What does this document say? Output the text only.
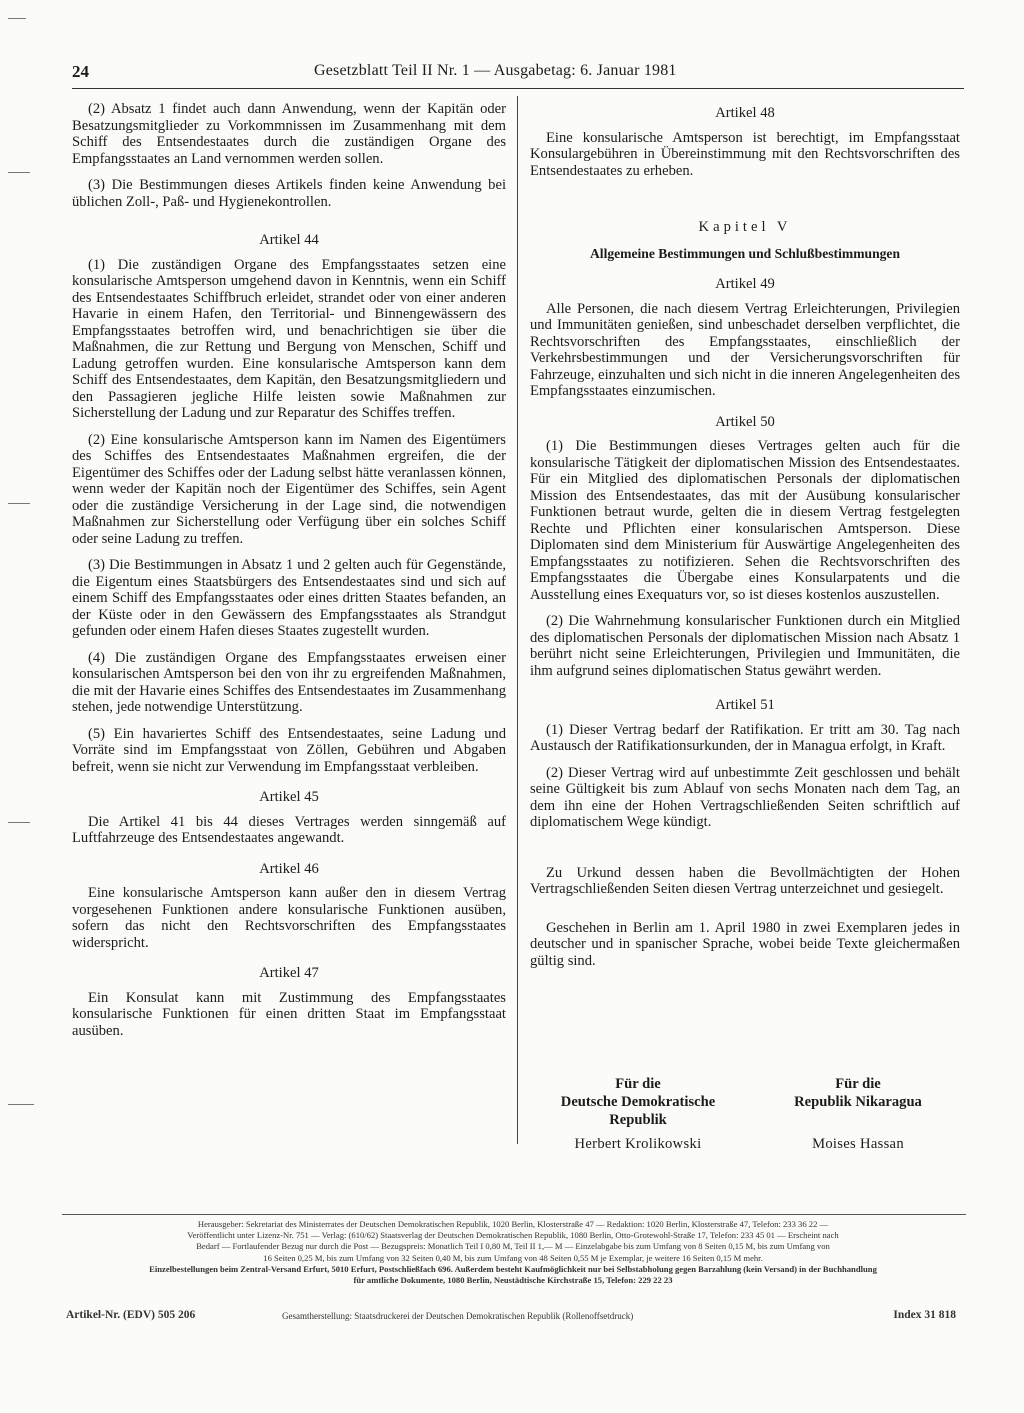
24	Gesetzblatt Teil II Nr. 1 — Ausgabetag: 6. Januar 1981

(2) Absatz 1 findet auch dann Anwendung, wenn der Kapitän oder Besatzungsmitglieder zu Vorkommnissen im Zusammenhang mit dem Schiff des Entsendestaates durch die zuständigen Organe des Empfangsstaates an Land vernommen werden sollen.

(3) Die Bestimmungen dieses Artikels finden keine Anwendung bei üblichen Zoll-, Paß- und Hygienekontrollen.

Artikel 44

(1) Die zuständigen Organe des Empfangsstaates setzen eine konsularische Amtsperson umgehend davon in Kenntnis, wenn ein Schiff des Entsendestaates Schiffbruch erleidet, strandet oder von einer anderen Havarie in einem Hafen, den Territorial- und Binnengewässern des Empfangsstaates betroffen wird, und benachrichtigen sie über die Maßnahmen, die zur Rettung und Bergung von Menschen, Schiff und Ladung getroffen wurden. Eine konsularische Amtsperson kann dem Schiff des Entsendestaates, dem Kapitän, den Besatzungsmitgliedern und den Passagieren jegliche Hilfe leisten sowie Maßnahmen zur Sicherstellung der Ladung und zur Reparatur des Schiffes treffen.

(2) Eine konsularische Amtsperson kann im Namen des Eigentümers des Schiffes des Entsendestaates Maßnahmen ergreifen, die der Eigentümer des Schiffes oder der Ladung selbst hätte veranlassen können, wenn weder der Kapitän noch der Eigentümer des Schiffes, sein Agent oder die zuständige Versicherung in der Lage sind, die notwendigen Maßnahmen zur Sicherstellung oder Verfügung über ein solches Schiff oder seine Ladung zu treffen.

(3) Die Bestimmungen in Absatz 1 und 2 gelten auch für Gegenstände, die Eigentum eines Staatsbürgers des Entsendestaates sind und sich auf einem Schiff des Empfangsstaates oder eines dritten Staates befanden, an der Küste oder in den Gewässern des Empfangsstaates als Strandgut gefunden oder einem Hafen dieses Staates zugestellt wurden.

(4) Die zuständigen Organe des Empfangsstaates erweisen einer konsularischen Amtsperson bei den von ihr zu ergreifenden Maßnahmen, die mit der Havarie eines Schiffes des Entsendestaates im Zusammenhang stehen, jede notwendige Unterstützung.

(5) Ein havariertes Schiff des Entsendestaates, seine Ladung und Vorräte sind im Empfangsstaat von Zöllen, Gebühren und Abgaben befreit, wenn sie nicht zur Verwendung im Empfangsstaat verbleiben.

Artikel 45

Die Artikel 41 bis 44 dieses Vertrages werden sinngemäß auf Luftfahrzeuge des Entsendestaates angewandt.

Artikel 46

Eine konsularische Amtsperson kann außer den in diesem Vertrag vorgesehenen Funktionen andere konsularische Funktionen ausüben, sofern das nicht den Rechtsvorschriften des Empfangsstaates widerspricht.

Artikel 47

Ein Konsulat kann mit Zustimmung des Empfangsstaates konsularische Funktionen für einen dritten Staat im Empfangsstaat ausüben.

Artikel 48

Eine konsularische Amtsperson ist berechtigt, im Empfangsstaat Konsulargebühren in Übereinstimmung mit den Rechtsvorschriften des Entsendestaates zu erheben.

Kapitel V
Allgemeine Bestimmungen und Schlußbestimmungen
Artikel 49

Alle Personen, die nach diesem Vertrag Erleichterungen, Privilegien und Immunitäten genießen, sind unbeschadet derselben verpflichtet, die Rechtsvorschriften des Empfangsstaates, einschließlich der Verkehrsbestimmungen und der Versicherungsvorschriften für Fahrzeuge, einzuhalten und sich nicht in die inneren Angelegenheiten des Empfangsstaates einzumischen.

Artikel 50

(1) Die Bestimmungen dieses Vertrages gelten auch für die konsularische Tätigkeit der diplomatischen Mission des Entsendestaates. Für ein Mitglied des diplomatischen Personals der diplomatischen Mission des Entsendestaates, das mit der Ausübung konsularischer Funktionen betraut wurde, gelten die in diesem Vertrag festgelegten Rechte und Pflichten einer konsularischen Amtsperson. Diese Diplomaten sind dem Ministerium für Auswärtige Angelegenheiten des Empfangsstaates zu notifizieren. Sehen die Rechtsvorschriften des Empfangsstaates die Übergabe eines Konsularpatents und die Ausstellung eines Exequaturs vor, so ist dieses kostenlos auszustellen.

(2) Die Wahrnehmung konsularischer Funktionen durch ein Mitglied des diplomatischen Personals der diplomatischen Mission nach Absatz 1 berührt nicht seine Erleichterungen, Privilegien und Immunitäten, die ihm aufgrund seines diplomatischen Status gewährt werden.

Artikel 51

(1) Dieser Vertrag bedarf der Ratifikation. Er tritt am 30. Tag nach Austausch der Ratifikationsurkunden, der in Managua erfolgt, in Kraft.

(2) Dieser Vertrag wird auf unbestimmte Zeit geschlossen und behält seine Gültigkeit bis zum Ablauf von sechs Monaten nach dem Tag, an dem ihn eine der Hohen Vertragschließenden Seiten schriftlich auf diplomatischem Wege kündigt.

Zu Urkund dessen haben die Bevollmächtigten der Hohen Vertragschließenden Seiten diesen Vertrag unterzeichnet und gesiegelt.

Geschehen in Berlin am 1. April 1980 in zwei Exemplaren jedes in deutscher und in spanischer Sprache, wobei beide Texte gleichermaßen gültig sind.

Für die
Deutsche Demokratische
Republik
Herbert Krolikowski
Für die
Republik Nikaragua
Moises Hassan

Herausgeber: Sekretariat des Ministerrates der Deutschen Demokratischen Republik, 1020 Berlin, Klosterstraße 47 — Redaktion: 1020 Berlin, Klosterstraße 47, Telefon: 233 36 22 —

Veröffentlicht unter Lizenz-Nr. 751 — Verlag: (610/62) Staatsverlag der Deutschen Demokratischen Republik, 1080 Berlin, Otto-Grotewohl-Straße 17, Telefon: 233 45 01 — Erscheint nach

Bedarf — Fortlaufender Bezug nur durch die Post — Bezugspreis: Monatlich Teil I 0,80 M, Teil II 1,— M — Einzelabgabe bis zum Umfang von 8 Seiten 0,15 M, bis zum Umfang von

16 Seiten 0,25 M, bis zum Umfang von 32 Seiten 0,40 M, bis zum Umfang von 48 Seiten 0,55 M je Exemplar, je weitere 16 Seiten 0,15 M mehr.

Einzelbestellungen beim Zentral-Versand Erfurt, 5010 Erfurt, Postschließfach 696. Außerdem besteht Kaufmöglichkeit nur bei Selbstabholung gegen Barzahlung (kein Versand) in der Buchhandlung

für amtliche Dokumente, 1080 Berlin, Neustädtische Kirchstraße 15, Telefon: 229 22 23

Artikel-Nr. (EDV) 505 206	Gesamtherstellung: Staatsdruckerei der Deutschen Demokratischen Republik (Rollenoffsetdruck)	Index 31 818
